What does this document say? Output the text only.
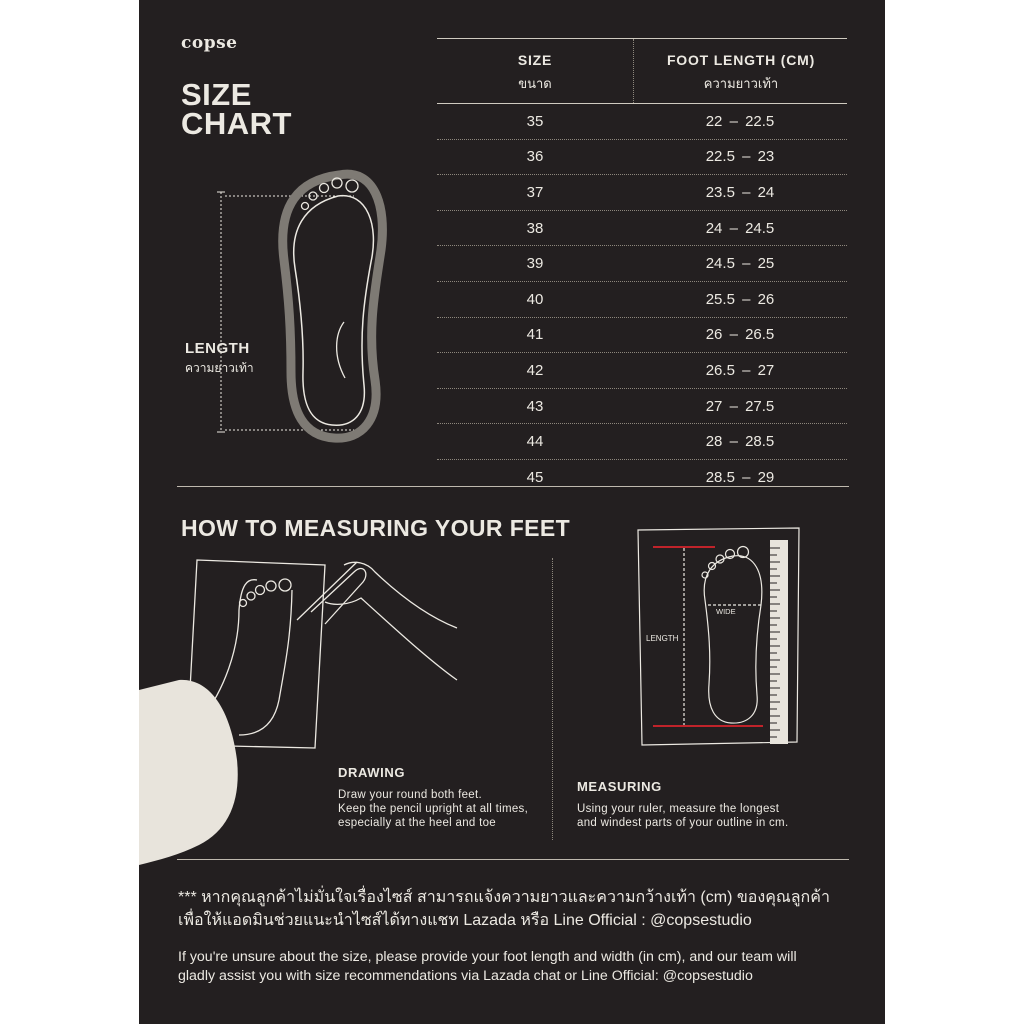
copse
SIZE
CHART
LENGTH
ความยาวเท้า
SIZE
ขนาด
FOOT LENGTH (CM)
ความยาวเท้า
35	22 – 22.5
36	22.5 – 23
37	23.5 – 24
38	24 – 24.5
39	24.5 – 25
40	25.5 – 26
41	26 – 26.5
42	26.5 – 27
43	27 – 27.5
44	28 – 28.5
45	28.5 – 29
HOW TO MEASURING YOUR FEET
DRAWING
Draw your round both feet.
Keep the pencil upright at all times,
especially at the heel and toe
LENGTH
WIDE
MEASURING
Using your ruler, measure the longest
and windest parts of your outline in cm.
*** หากคุณลูกค้าไม่มั่นใจเรื่องไซส์ สามารถแจ้งความยาวและความกว้างเท้า (cm) ของคุณลูกค้า
เพื่อให้แอดมินช่วยแนะนำไซส์ได้ทางแชท Lazada หรือ Line Official : @copsestudio
If you're unsure about the size, please provide your foot length and width (in cm), and our team will
gladly assist you with size recommendations via Lazada chat or Line Official: @copsestudio
